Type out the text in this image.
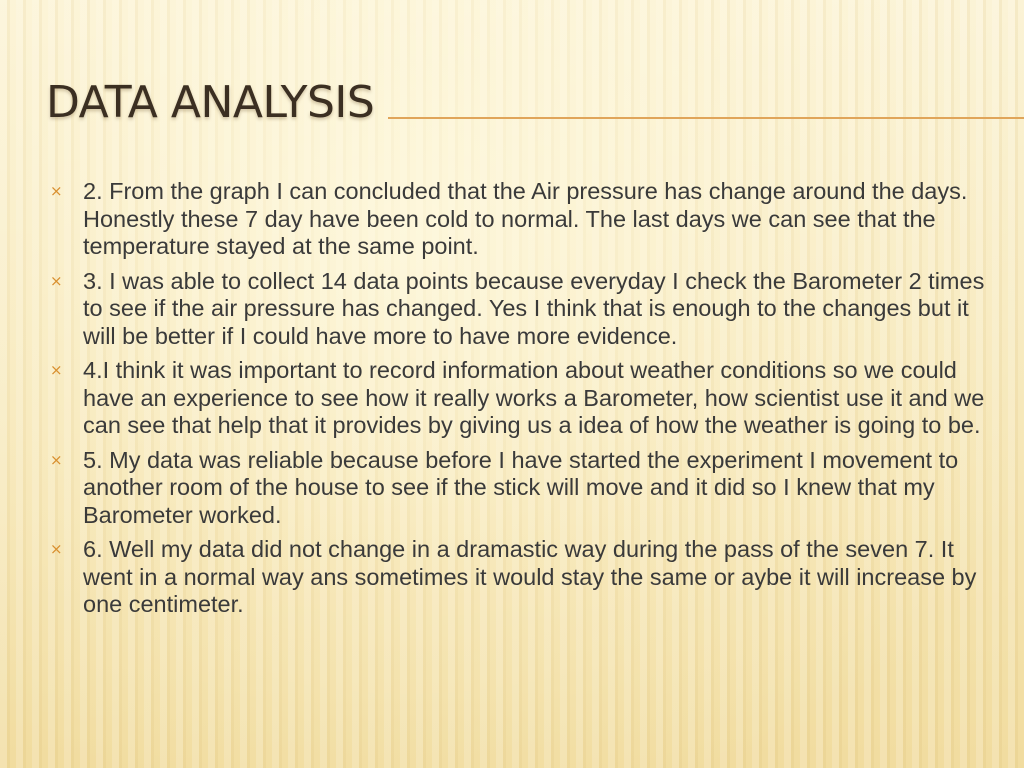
DATA ANALYSIS
× 2. From the graph I can concluded that the Air pressure has change around the days. Honestly these 7 day have been cold to normal. The last days we can see that the temperature stayed at the same point.
× 3. I was able to collect 14 data points because everyday I check the Barometer 2 times to see if the air pressure has changed. Yes I think that is enough to the changes but it will be better if I could have more to have more evidence.
× 4.I think it was important to record information about weather conditions so we could have an experience to see how it really works a Barometer, how scientist use it and we can see that help that it provides by giving us a idea of how the weather is going to be.
× 5. My data was reliable because before I have started the experiment I movement to another room of the house to see if the stick will move and it did so I knew that my Barometer worked.
× 6. Well my data did not change in a dramastic way during the pass of the seven 7. It went in a normal way ans sometimes it would stay the same or aybe it will increase by one centimeter.
